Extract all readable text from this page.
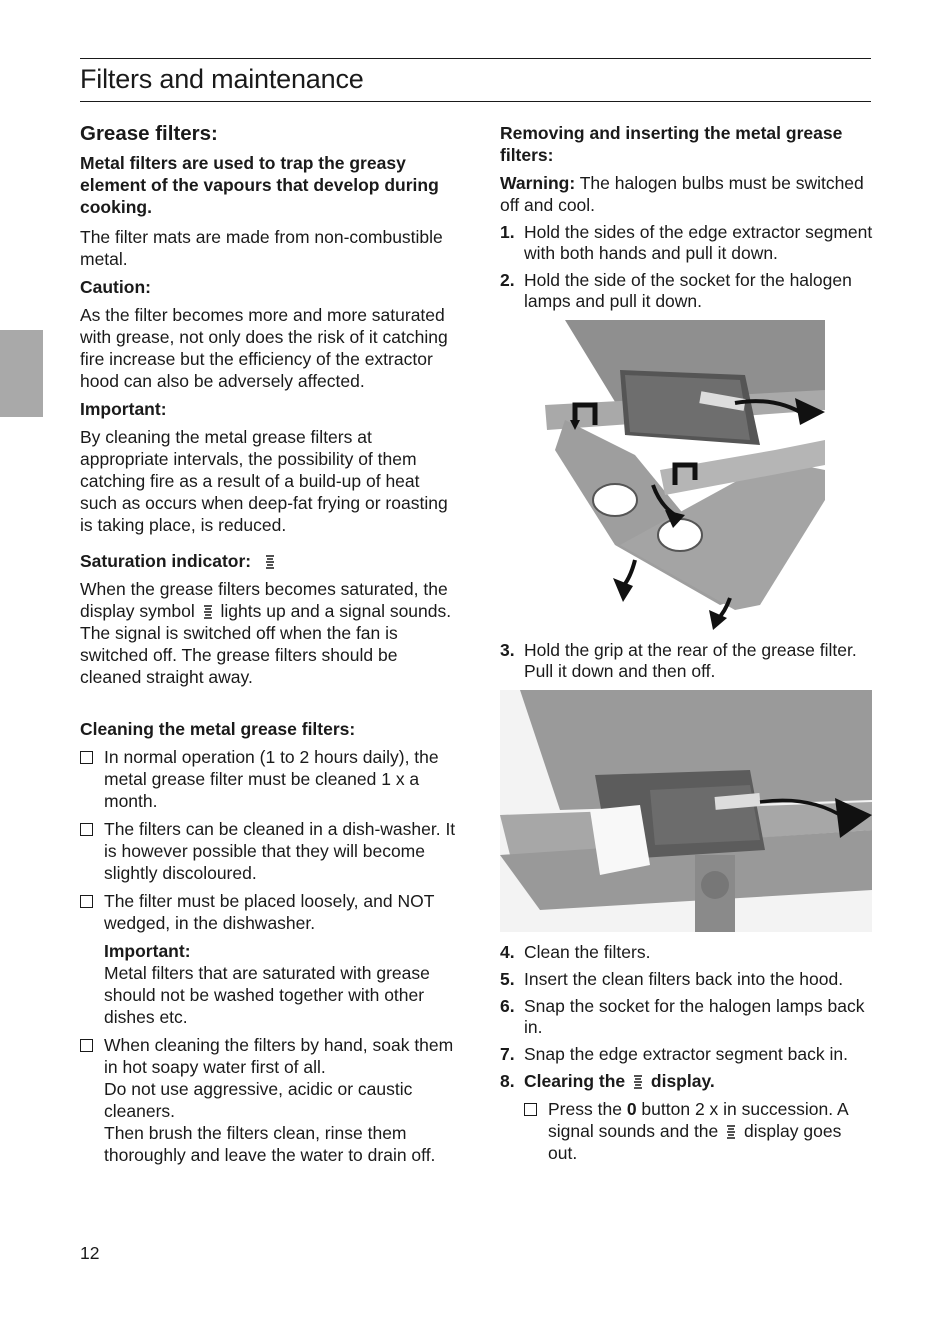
Filters and maintenance
Grease filters:
Metal filters are used to trap the greasy element of the vapours that develop during cooking.
The filter mats are made from non-combustible metal.
Caution:
As the filter becomes more and more saturated with grease, not only does the risk of it catching fire increase but the efficiency of the extractor hood can also be adversely affected.
Important:
By cleaning the metal grease filters at appropriate intervals, the possibility of them catching fire as a result of a build-up of heat such as occurs when deep-fat frying or roasting is taking place, is reduced.
Saturation indicator:
When the grease filters becomes saturated, the display symbol lights up and a signal sounds. The signal is switched off when the fan is switched off. The grease filters should be cleaned straight away.
Cleaning the metal grease filters:
In normal operation (1 to 2 hours daily), the metal grease filter must be cleaned 1 x a month.
The filters can be cleaned in a dish-washer. It is however possible that they will become slightly discoloured.
The filter must be placed loosely, and NOT wedged, in the dishwasher.
Important:
Metal filters that are saturated with grease should not be washed together with other dishes etc.
When cleaning the filters by hand, soak them in hot soapy water first of all.
Do not use aggressive, acidic or caustic cleaners.
Then brush the filters clean, rinse them thoroughly and leave the water to drain off.
Removing and inserting the metal grease filters:
Warning: The halogen bulbs must be switched off and cool.
1. Hold the sides of the edge extractor segment with both hands and pull it down.
2. Hold the side of the socket for the halogen lamps and pull it down.
3. Hold the grip at the rear of the grease filter. Pull it down and then off.
4. Clean the filters.
5. Insert the clean filters back into the hood.
6. Snap the socket for the halogen lamps back in.
7. Snap the edge extractor segment back in.
8. Clearing the display.
Press the 0 button 2 x in succession. A signal sounds and the display goes out.
12
